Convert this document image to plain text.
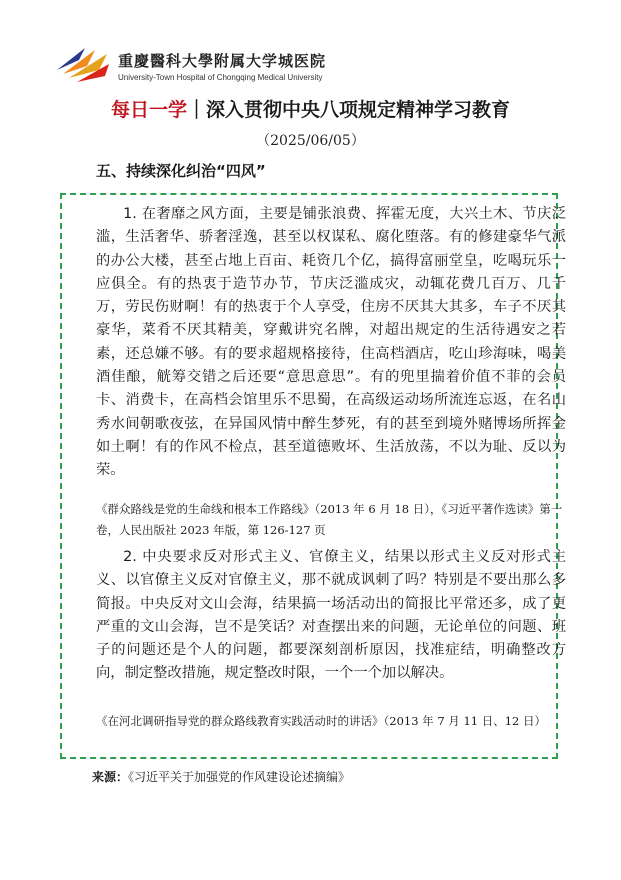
重慶醫科大學附属大学城医院
University-Town Hospital of Chongqing Medical University
每日一学｜深入贯彻中央八项规定精神学习教育
（2025/06/05）
五、持续深化纠治“四风”

1. 在奢靡之风方面，主要是铺张浪费、挥霍无度，大兴土木、节庆泛滥，生活奢华、骄奢淫逸，甚至以权谋私、腐化堕落。有的修建豪华气派的办公大楼，甚至占地上百亩、耗资几个亿，搞得富丽堂皇，吃喝玩乐一应俱全。有的热衷于造节办节，节庆泛滥成灾，动辄花费几百万、几千万，劳民伤财啊！有的热衷于个人享受，住房不厌其大其多，车子不厌其豪华，菜肴不厌其精美，穿戴讲究名牌，对超出规定的生活待遇安之若素，还总嫌不够。有的要求超规格接待，住高档酒店，吃山珍海味，喝美酒佳酿，觥筹交错之后还要“意思意思”。有的兜里揣着价值不菲的会员卡、消费卡，在高档会馆里乐不思蜀，在高级运动场所流连忘返，在名山秀水间朝歌夜弦，在异国风情中醉生梦死，有的甚至到境外赌博场所挥金如土啊！有的作风不检点，甚至道德败坏、生活放荡，不以为耻、反以为荣。

《群众路线是党的生命线和根本工作路线》（2013 年 6 月 18 日），《习近平著作选读》第一卷，人民出版社 2023 年版，第 126-127 页

2. 中央要求反对形式主义、官僚主义，结果以形式主义反对形式主义、以官僚主义反对官僚主义，那不就成讽刺了吗？特别是不要出那么多简报。中央反对文山会海，结果搞一场活动出的简报比平常还多，成了更严重的文山会海，岂不是笑话？对查摆出来的问题，无论单位的问题、班子的问题还是个人的问题，都要深刻剖析原因，找准症结，明确整改方向，制定整改措施，规定整改时限，一个一个加以解决。

《在河北调研指导党的群众路线教育实践活动时的讲话》（2013 年 7 月 11 日、12 日）

来源：《习近平关于加强党的作风建设论述摘编》
